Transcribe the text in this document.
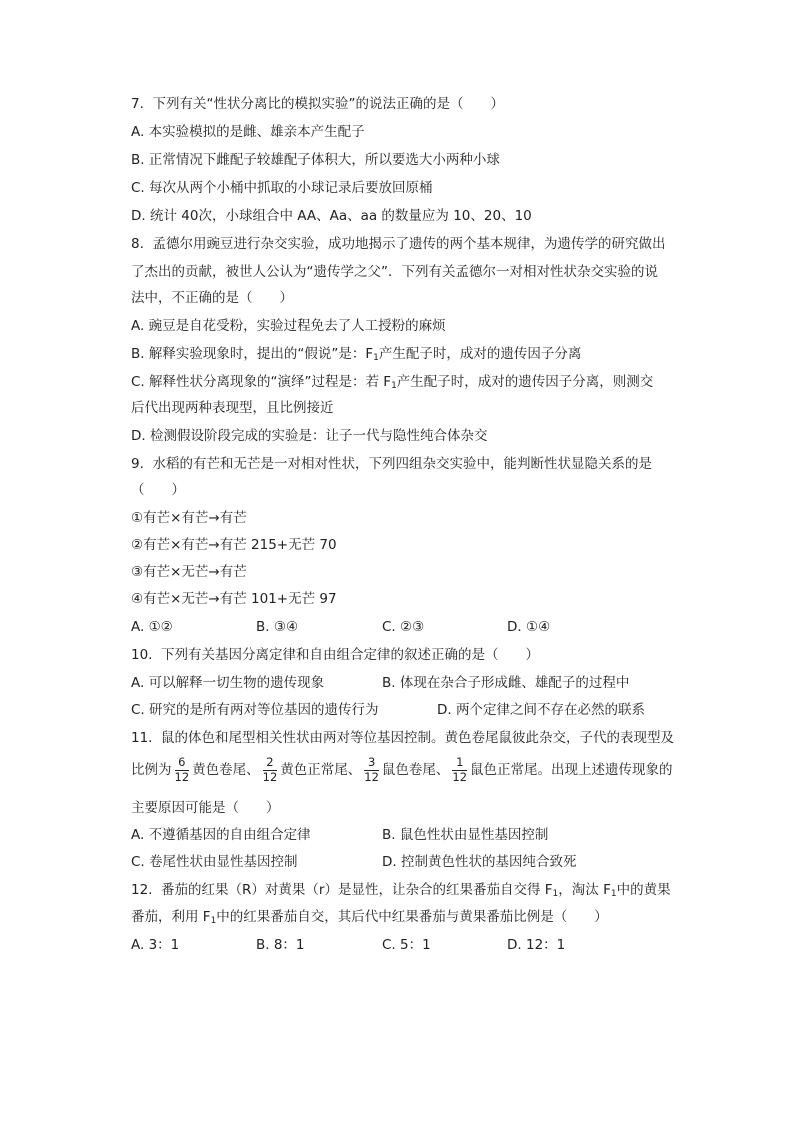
7.  下列有关“性状分离比的模拟实验”的说法正确的是（　　）
A. 本实验模拟的是雌、雄亲本产生配子
B. 正常情况下雌配子较雄配子体积大，所以要选大小两种小球
C. 每次从两个小桶中抓取的小球记录后要放回原桶
D. 统计 40次，小球组合中 AA、Aa、aa 的数量应为 10、20、10
8.  孟德尔用豌豆进行杂交实验，成功地揭示了遗传的两个基本规律，为遗传学的研究做出
了杰出的贡献，被世人公认为“遗传学之父”．下列有关孟德尔一对相对性状杂交实验的说
法中，不正确的是（　　）
A. 豌豆是自花受粉，实验过程免去了人工授粉的麻烦
B. 解释实验现象时，提出的“假说”是：$F_1$产生配子时，成对的遗传因子分离
C. 解释性状分离现象的“演绎”过程是：若 $F_1$产生配子时，成对的遗传因子分离，则测交
后代出现两种表现型，且比例接近
D. 检测假设阶段完成的实验是：让子一代与隐性纯合体杂交
9.  水稻的有芒和无芒是一对相对性状，下列四组杂交实验中，能判断性状显隐关系的是
（　　）
①有芒×有芒→有芒
②有芒×有芒→有芒 215+无芒 70
③有芒×无芒→有芒
④有芒×无芒→有芒 101+无芒 97
A. ①②	B. ③④	C. ②③	D. ①④
10.  下列有关基因分离定律和自由组合定律的叙述正确的是（　　）
A. 可以解释一切生物的遗传现象	B. 体现在杂合子形成雌、雄配子的过程中
C. 研究的是所有两对等位基因的遗传行为	D. 两个定律之间不存在必然的联系
11.  鼠的体色和尾型相关性状由两对等位基因控制。黄色卷尾鼠彼此杂交，子代的表现型及
比例为 $\frac{6}{12}$ 黄色卷尾、 $\frac{2}{12}$ 黄色正常尾、 $\frac{3}{12}$ 鼠色卷尾、 $\frac{1}{12}$ 鼠色正常尾。出现上述遗传现象的
主要原因可能是（　　）
A. 不遵循基因的自由组合定律	B. 鼠色性状由显性基因控制
C. 卷尾性状由显性基因控制	D. 控制黄色性状的基因纯合致死
12.  番茄的红果（R）对黄果（r）是显性，让杂合的红果番茄自交得 $F_1$，淘汰 $F_1$中的黄果
番茄，利用 $F_1$中的红果番茄自交，其后代中红果番茄与黄果番茄比例是（　　）
A. 3：1	B. 8：1	C. 5：1	D. 12：1
